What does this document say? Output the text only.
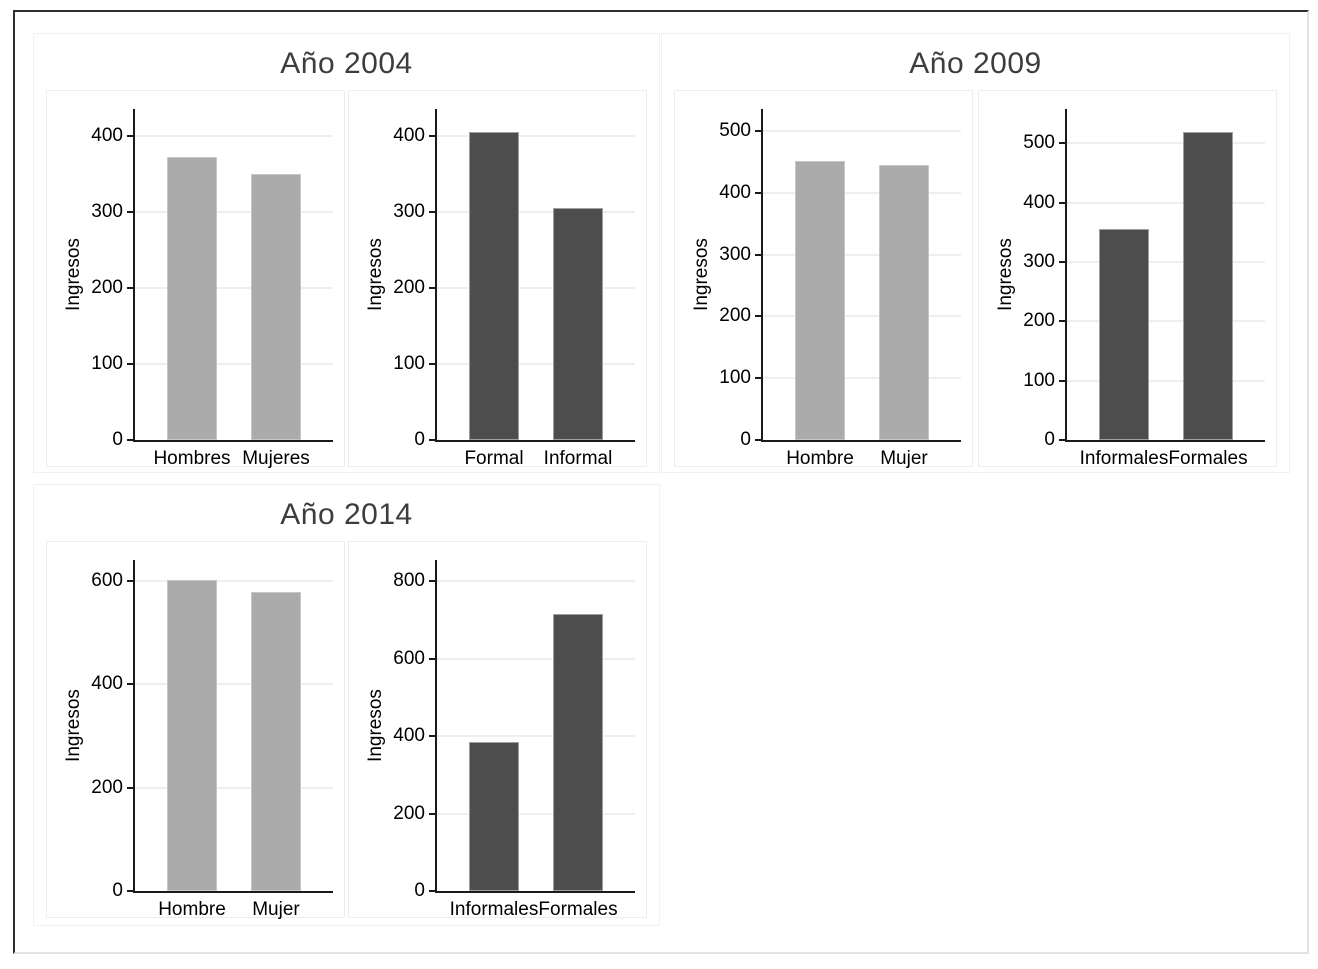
Año 2004
0
100
200
300
400
Hombres Mujeres
Ingresos
0
100
200
300
400
Formal	Informal
Ingresos
Año 2009
0
100
200
300
400
500
Hombre	Mujer
Ingresos
0
100
200
300
400
500
Informales Formales
Ingresos
Año 2014
0
200
400
600
Hombre	Mujer
Ingresos
0
200
400
600
800
Informales Formales
Ingresos
